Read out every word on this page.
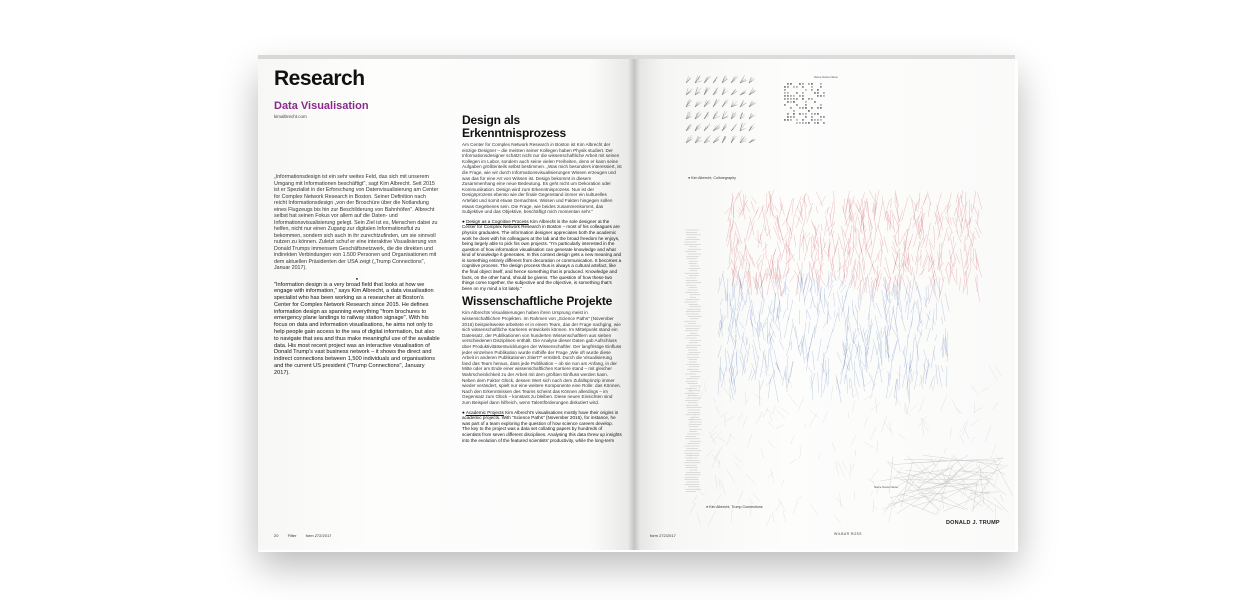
Research
Data Visualisation
kimalbrecht.com

„Informationsdesign ist ein sehr weites Feld, das sich mit unserem Umgang mit Informationen beschäftigt", sagt Kim Albrecht. Seit 2015 ist er Spezialist in der Erforschung von Datenvisualisierung am Center for Complex Network Research in Boston. Seiner Definition nach reicht Informationsdesign „von der Broschüre über die Notlandung eines Flugzeugs bis hin zur Beschilderung von Bahnhöfen". Albrecht selbst hat seinen Fokus vor allem auf die Daten- und Informationsvisualisierung gelegt. Sein Ziel ist es, Menschen dabei zu helfen, nicht nur einen Zugang zur digitalen Informationsflut zu bekommen, sondern sich auch in ihr zurechtzufinden, um sie sinnvoll nutzen zu können. Zuletzt schuf er eine interaktive Visualisierung von Donald Trumps immensem Geschäftsnetzwerk, die die direkten und indirekten Verbindungen von 1.500 Personen und Organisationen mit dem aktuellen Präsidenten der USA zeigt („Trump Connections", Januar 2017).

●

"Information design is a very broad field that looks at how we engage with information," says Kim Albrecht, a data visualisation specialist who has been working as a researcher at Boston's Center for Complex Network Research since 2015. He defines information design as spanning everything "from brochures to emergency plane landings to railway station signage". With his focus on data and information visualisations, he aims not only to help people gain access to the sea of digital information, but also to navigate that sea and thus make meaningful use of the available data. His most recent project was an interactive visualisation of Donald Trump's vast business network – it shows the direct and indirect connections between 1,500 individuals and organisations and the current US president ("Trump Connections", January 2017).

Design als Erkenntnisprozess

Am Center for Complex Network Research in Boston ist Kim Albrecht der einzige Designer – die meisten seiner Kollegen haben Physik studiert. Der Informationsdesigner schätzt nicht nur die wissenschaftliche Arbeit mit seinen Kollegen im Labor, sondern auch seine vielen Freiheiten, denn er kann seine Aufgaben größtenteils selbst bestimmen. „Was mich besonders interessiert, ist die Frage, wie wir durch Informationsvisualisierungen Wissen erzeugen und was das für eine Art von Wissen ist. Design bekommt in diesem Zusammenhang eine neue Bedeutung. Es geht nicht um Dekoration oder Kommunikation. Design wird zum Erkenntnisprozess. Nun ist der Designprozess ebenso wie der finale Gegenstand immer ein kulturelles Artefakt und somit etwas Gemachtes. Wissen und Fakten hingegen sollen etwas Gegebenes sein. Die Frage, wie beides zusammenkommt, das Subjektive und das Objektive, beschäftigt mich momentan sehr."

● Design as a Cognitive Process Kim Albrecht is the sole designer at the Center for Complex Network Research in Boston – most of his colleagues are physics graduates. The information designer appreciates both the academic work he does with his colleagues at the lab and the broad freedom he enjoys, being largely able to pick his own projects. "I'm particularly interested in the question of how information visualisation can generate knowledge and what kind of knowledge it generates. In this context design gets a new meaning and is something entirely different from decoration or communication. It becomes a cognitive process. The design process thus is always a cultural artefact, like the final object itself, and hence something that is produced. Knowledge and facts, on the other hand, should be givens. The question of how these two things come together, the subjective and the objective, is something that's been on my mind a lot lately."

Wissenschaftliche Projekte

Kim Albrechts Visualisierungen haben ihren Ursprung meist in wissenschaftlichen Projekten. Im Rahmen von „Science Paths" (November 2016) beispielsweise arbeitete er in einem Team, das der Frage nachging, wie sich wissenschaftliche Karrieren entwickeln können. Im Mittelpunkt stand ein Datensatz, der Publikationen von hunderten Wissenschaftlern aus sieben verschiedenen Disziplinen enthält. Die Analyse dieser Daten gab Aufschluss über Produktivitätsentwicklungen der Wissenschaftler. Der langfristige Einfluss jeder einzelnen Publikation wurde mithilfe der Frage „Wie oft wurde diese Arbeit in anderen Publikationen zitiert?" ermittelt. Durch die Visualisierung fand das Team heraus, dass jede Publikation – ob sie nun am Anfang, in der Mitte oder am Ende einer wissenschaftlichen Karriere stand – mit gleicher Wahrscheinlichkeit zu der Arbeit mit dem größten Einfluss werden kann. Neben dem Faktor Glück, dessen Wert sich nach dem Zufallsprinzip immer wieder verändert, spielt nur eine weitere Komponente eine Rolle: das Können. Nach den Erkenntnissen des Teams scheint das Können allerdings – im Gegensatz zum Glück – konstant zu bleiben. Diese neuen Einsichten sind zum Beispiel dann hilfreich, wenn Talentförderungen diskutiert wird.

● Academic Projects Kim Albrecht's visualisations mostly have their origins in academic projects. With "Science Paths" (November 2016), for instance, he was part of a team exploring the question of how science careers develop. The key to the project was a data set collating papers by hundreds of scientists from seven different disciplines. Analysing this data threw up insights into the evolution of the featured scientists' productivity, while the long-term

20 Filter form 272/2017
● Kim Albrecht, Culturegraphy
● Kim Albrecht, Trump Connections
Name Name Name
Name Name Name
DONALD J. TRUMP
WILBUR ROSS
form 272/2017
